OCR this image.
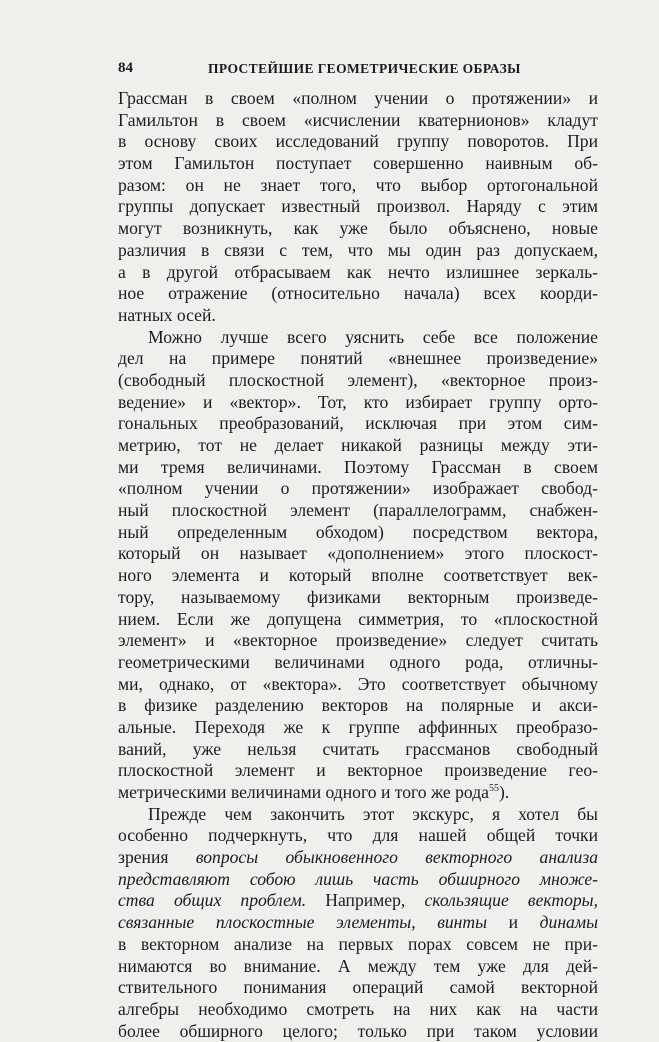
84	ПРОСТЕЙШИЕ ГЕОМЕТРИЧЕСКИЕ ОБРАЗЫ
Грассман в своем «полном учении о протяжении» и
Гамильтон в своем «исчислении кватернионов» кладут
в основу своих исследований группу поворотов. При
этом Гамильтон поступает совершенно наивным об-
разом: он не знает того, что выбор ортогональной
группы допускает известный произвол. Наряду с этим
могут возникнуть, как уже было объяснено, новые
различия в связи с тем, что мы один раз допускаем,
а в другой отбрасываем как нечто излишнее зеркаль-
ное отражение (относительно начала) всех коорди-
натных осей.
Можно лучше всего уяснить себе все положение
дел на примере понятий «внешнее произведение»
(свободный плоскостной элемент), «векторное произ-
ведение» и «вектор». Тот, кто избирает группу орто-
гональных преобразований, исключая при этом сим-
метрию, тот не делает никакой разницы между эти-
ми тремя величинами. Поэтому Грассман в своем
«полном учении о протяжении» изображает свобод-
ный плоскостной элемент (параллелограмм, снабжен-
ный определенным обходом) посредством вектора,
который он называет «дополнением» этого плоскост-
ного элемента и который вполне соответствует век-
тору, называемому физиками векторным произведе-
нием. Если же допущена симметрия, то «плоскостной
элемент» и «векторное произведение» следует считать
геометрическими величинами одного рода, отличны-
ми, однако, от «вектора». Это соответствует обычному
в физике разделению векторов на полярные и акси-
альные. Переходя же к группе аффинных преобразо-
ваний, уже нельзя считать грассманов свободный
плоскостной элемент и векторное произведение гео-
метрическими величинами одного и того же рода$^{55}$).
Прежде чем закончить этот экскурс, я хотел бы
особенно подчеркнуть, что для нашей общей точки
зрения вопросы обыкновенного векторного анализа
представляют собою лишь часть обширного множе-
ства общих проблем. Например, скользящие векторы,
связанные плоскостные элементы, винты и динамы
в векторном анализе на первых порах совсем не при-
нимаются во внимание. А между тем уже для дей-
ствительного понимания операций самой векторной
алгебры необходимо смотреть на них как на части
более обширного целого; только при таком условии
